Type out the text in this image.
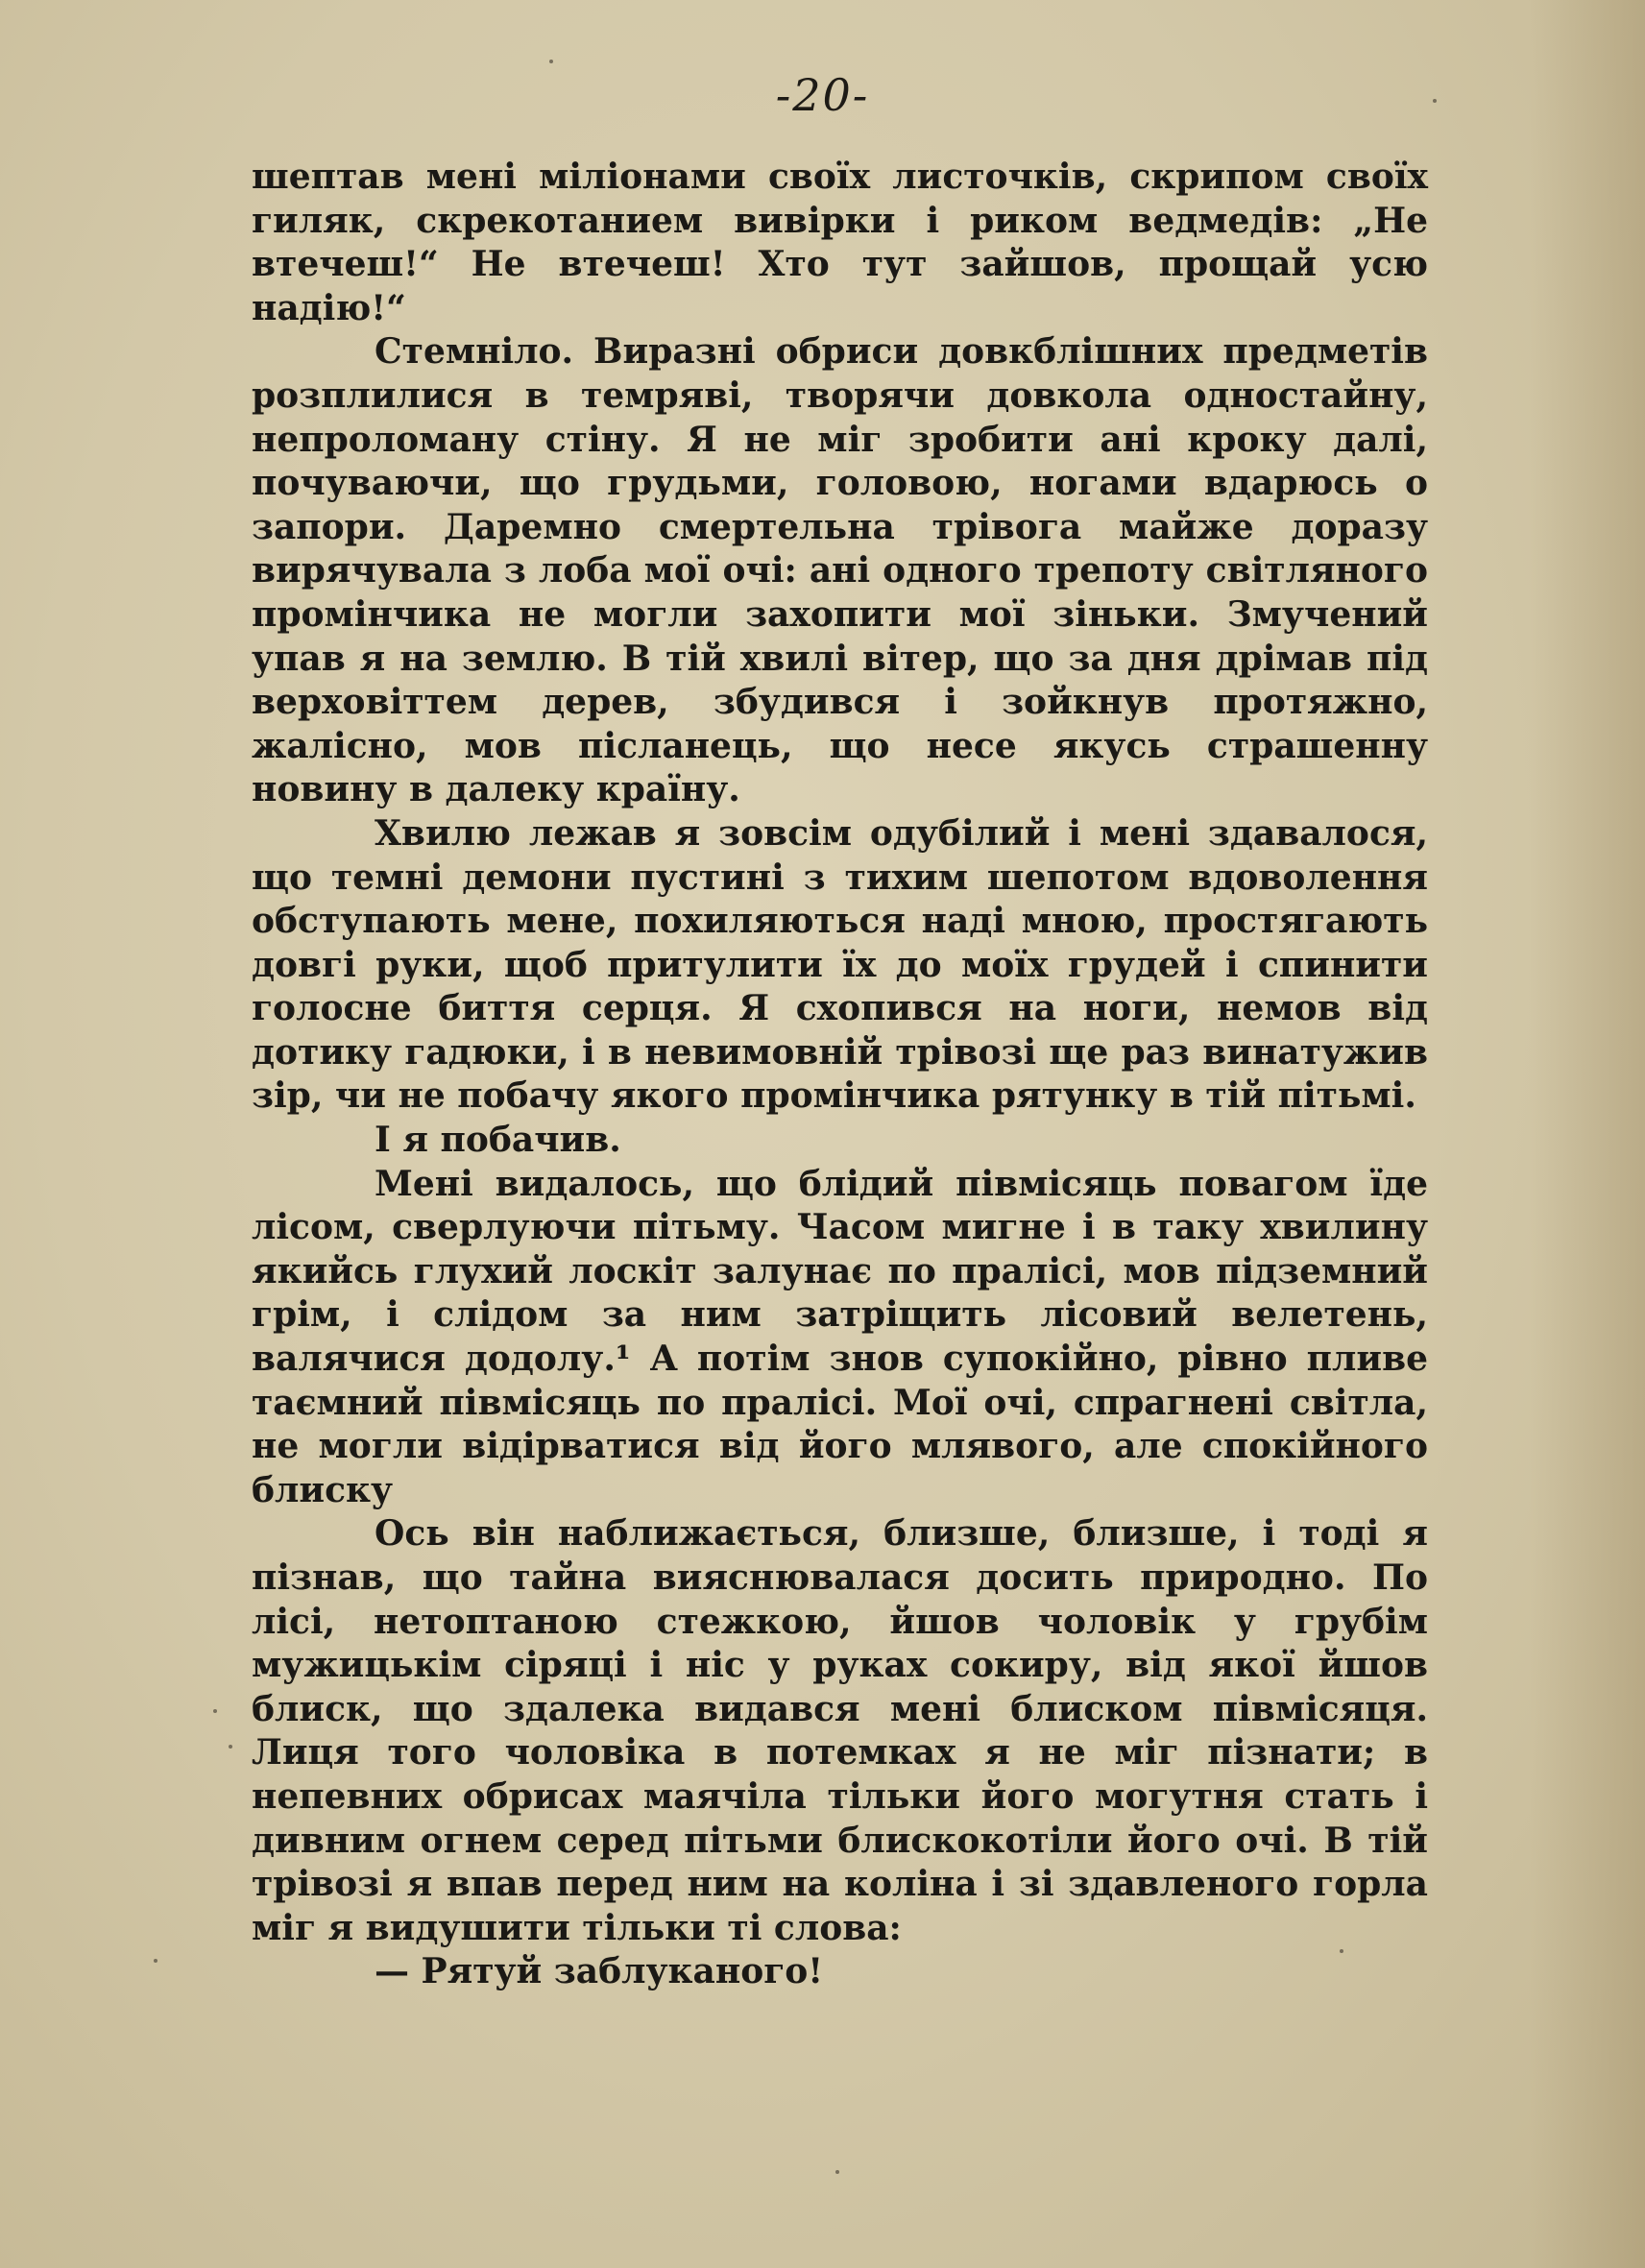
-20-

шептав мені міліонами своїх листочків, скрипом своїх гиляк, скрекотанием вивірки і риком ведмедів: „Не втечеш!“ Не втечеш! Хто тут зайшов, прощай усю надію!“

Стемніло. Виразні обриси довкблішних предметів розплилися в темряві, творячи довкола одностайну, непроломану стіну. Я не міг зробити ані кроку далі, почуваючи, що грудьми, головою, ногами вдарюсь о запори. Даремно смертельна трівога майже доразу вирячувала з лоба мої очі: ані одного трепоту світляного промінчика не могли захопити мої зіньки. Змучений упав я на землю. В тій хвилі вітер, що за дня дрімав під верховіттем дерев, збудився і зойкнув протяжно, жалісно, мов післанець, що несе якусь страшенну новину в далеку країну.

Хвилю лежав я зовсім одубілий і мені здавалося, що темні демони пустині з тихим шепотом вдоволення обступають мене, похиляються наді мною, простягають довгі руки, щоб притулити їх до моїх грудей і спинити голосне биття серця. Я схопився на ноги, немов від дотику гадюки, і в невимовній трівозі ще раз винатужив зір, чи не побачу якого промінчика рятунку в тій пітьмі.

І я побачив.

Мені видалось, що блідий півмісяць повагом їде лісом, сверлуючи пітьму. Часом мигне і в таку хвилину якийсь глухий лоскіт залунає по пралісі, мов підземний грім, і слідом за ним затріщить лісовий велетень, валячися додолу.¹ А потім знов супокійно, рівно пливе таємний півмісяць по пралісі. Мої очі, спрагнені світла, не могли відірватися від його млявого, але спокійного блиску

Ось він наближається, близше, близше, і тоді я пізнав, що тайна вияснювалася досить природно. По лісі, нетоптаною стежкою, йшов чоловік у грубім мужицькім сіряці і ніс у руках сокиру, від якої йшов блиск, що здалека видався мені блиском півмісяця. Лиця того чоловіка в потемках я не міг пізнати; в непевних обрисах маячіла тільки його могутня стать і дивним огнем серед пітьми блискокотіли його очі. В тій трівозі я впав перед ним на коліна і зі здавленого горла міг я видушити тільки ті слова:

— Рятуй заблуканого!
